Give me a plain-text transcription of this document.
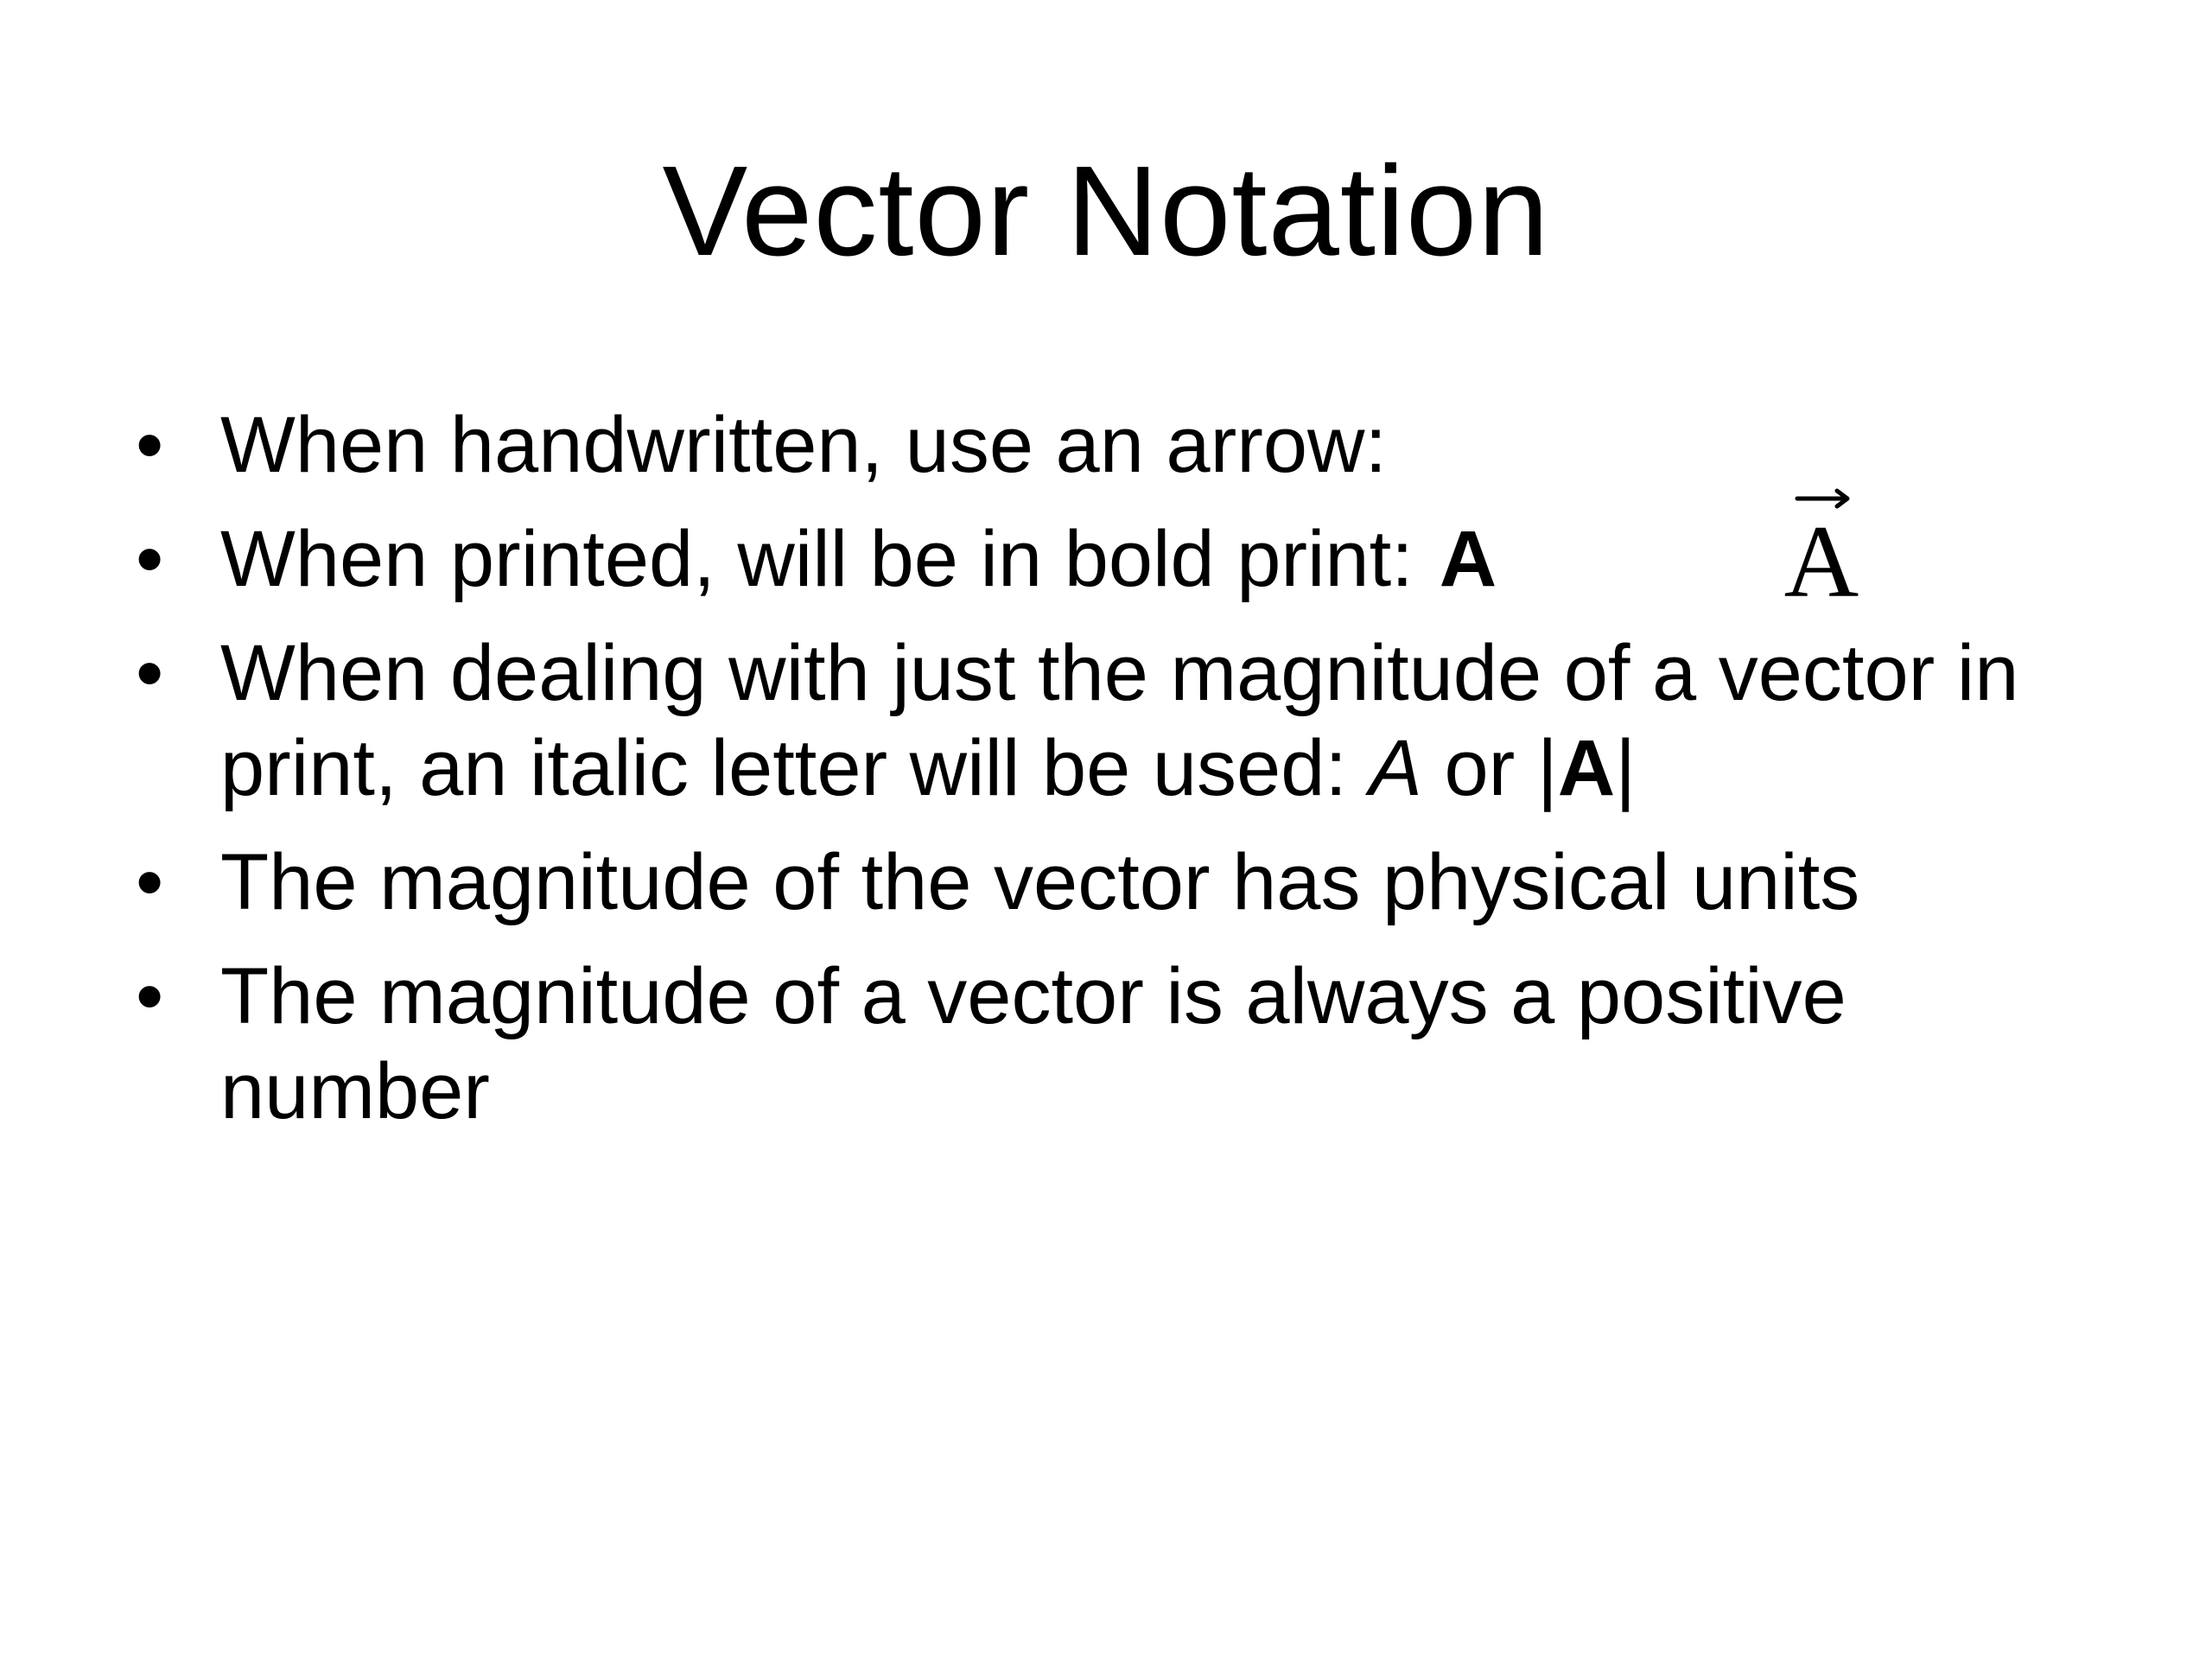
Vector Notation
• When handwritten, use an arrow:
• When printed, will be in bold print: A
• When dealing with just the magnitude of a vector in print, an italic letter will be used: A or |A|
• The magnitude of the vector has physical units
• The magnitude of a vector is always a positive number
A
